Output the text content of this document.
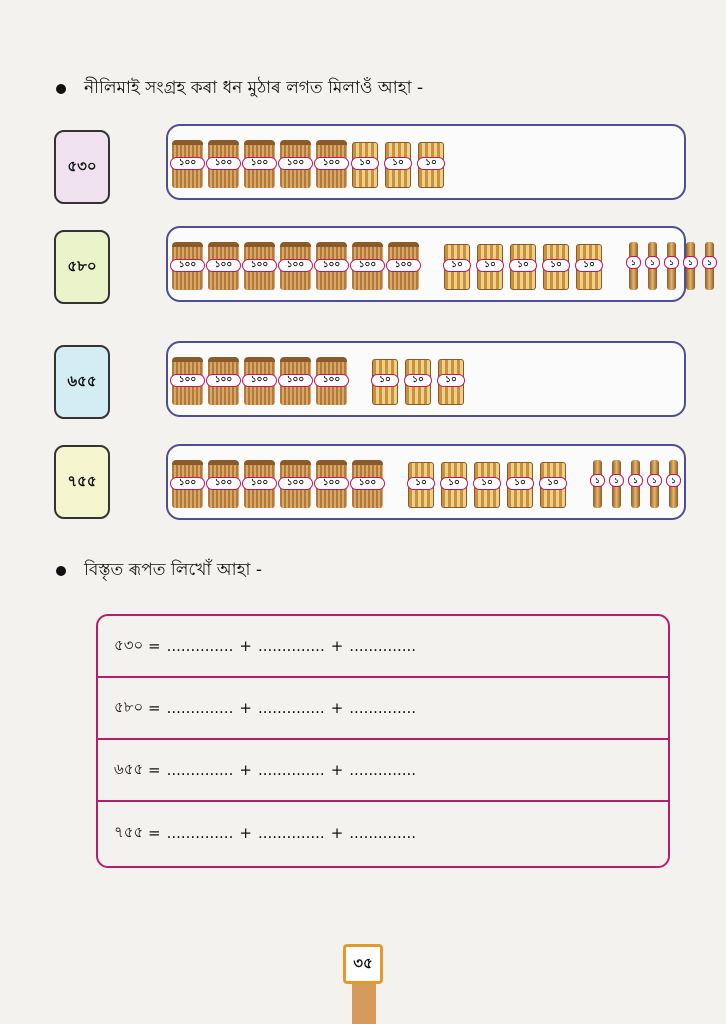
নীলিমাই সংগ্ৰহ কৰা ধন মুঠাৰ লগত মিলাওঁ আহা -
৫৩০
৫৮০
৬৫৫
৭৫৫
১০০	১০০	১০০	১০০	১০০	১০	১০	১০
১০০	১০০	১০০	১০০	১০০	১০০	১০০	১০	১০	১০	১০	১০	১	১	১	১	১
১০০	১০০	১০০	১০০	১০০	১০	১০	১০
১০০	১০০	১০০	১০০	১০০	১০০	১০	১০	১০	১০	১০	১	১	১	১	১
বিস্তৃত ৰূপত লিখোঁ আহা -
৫৩০
= .............. + .............. + ..............
৫৮০
= .............. + .............. + ..............
৬৫৫
= .............. + .............. + ..............
৭৫৫
= .............. + .............. + ..............
৩৫
